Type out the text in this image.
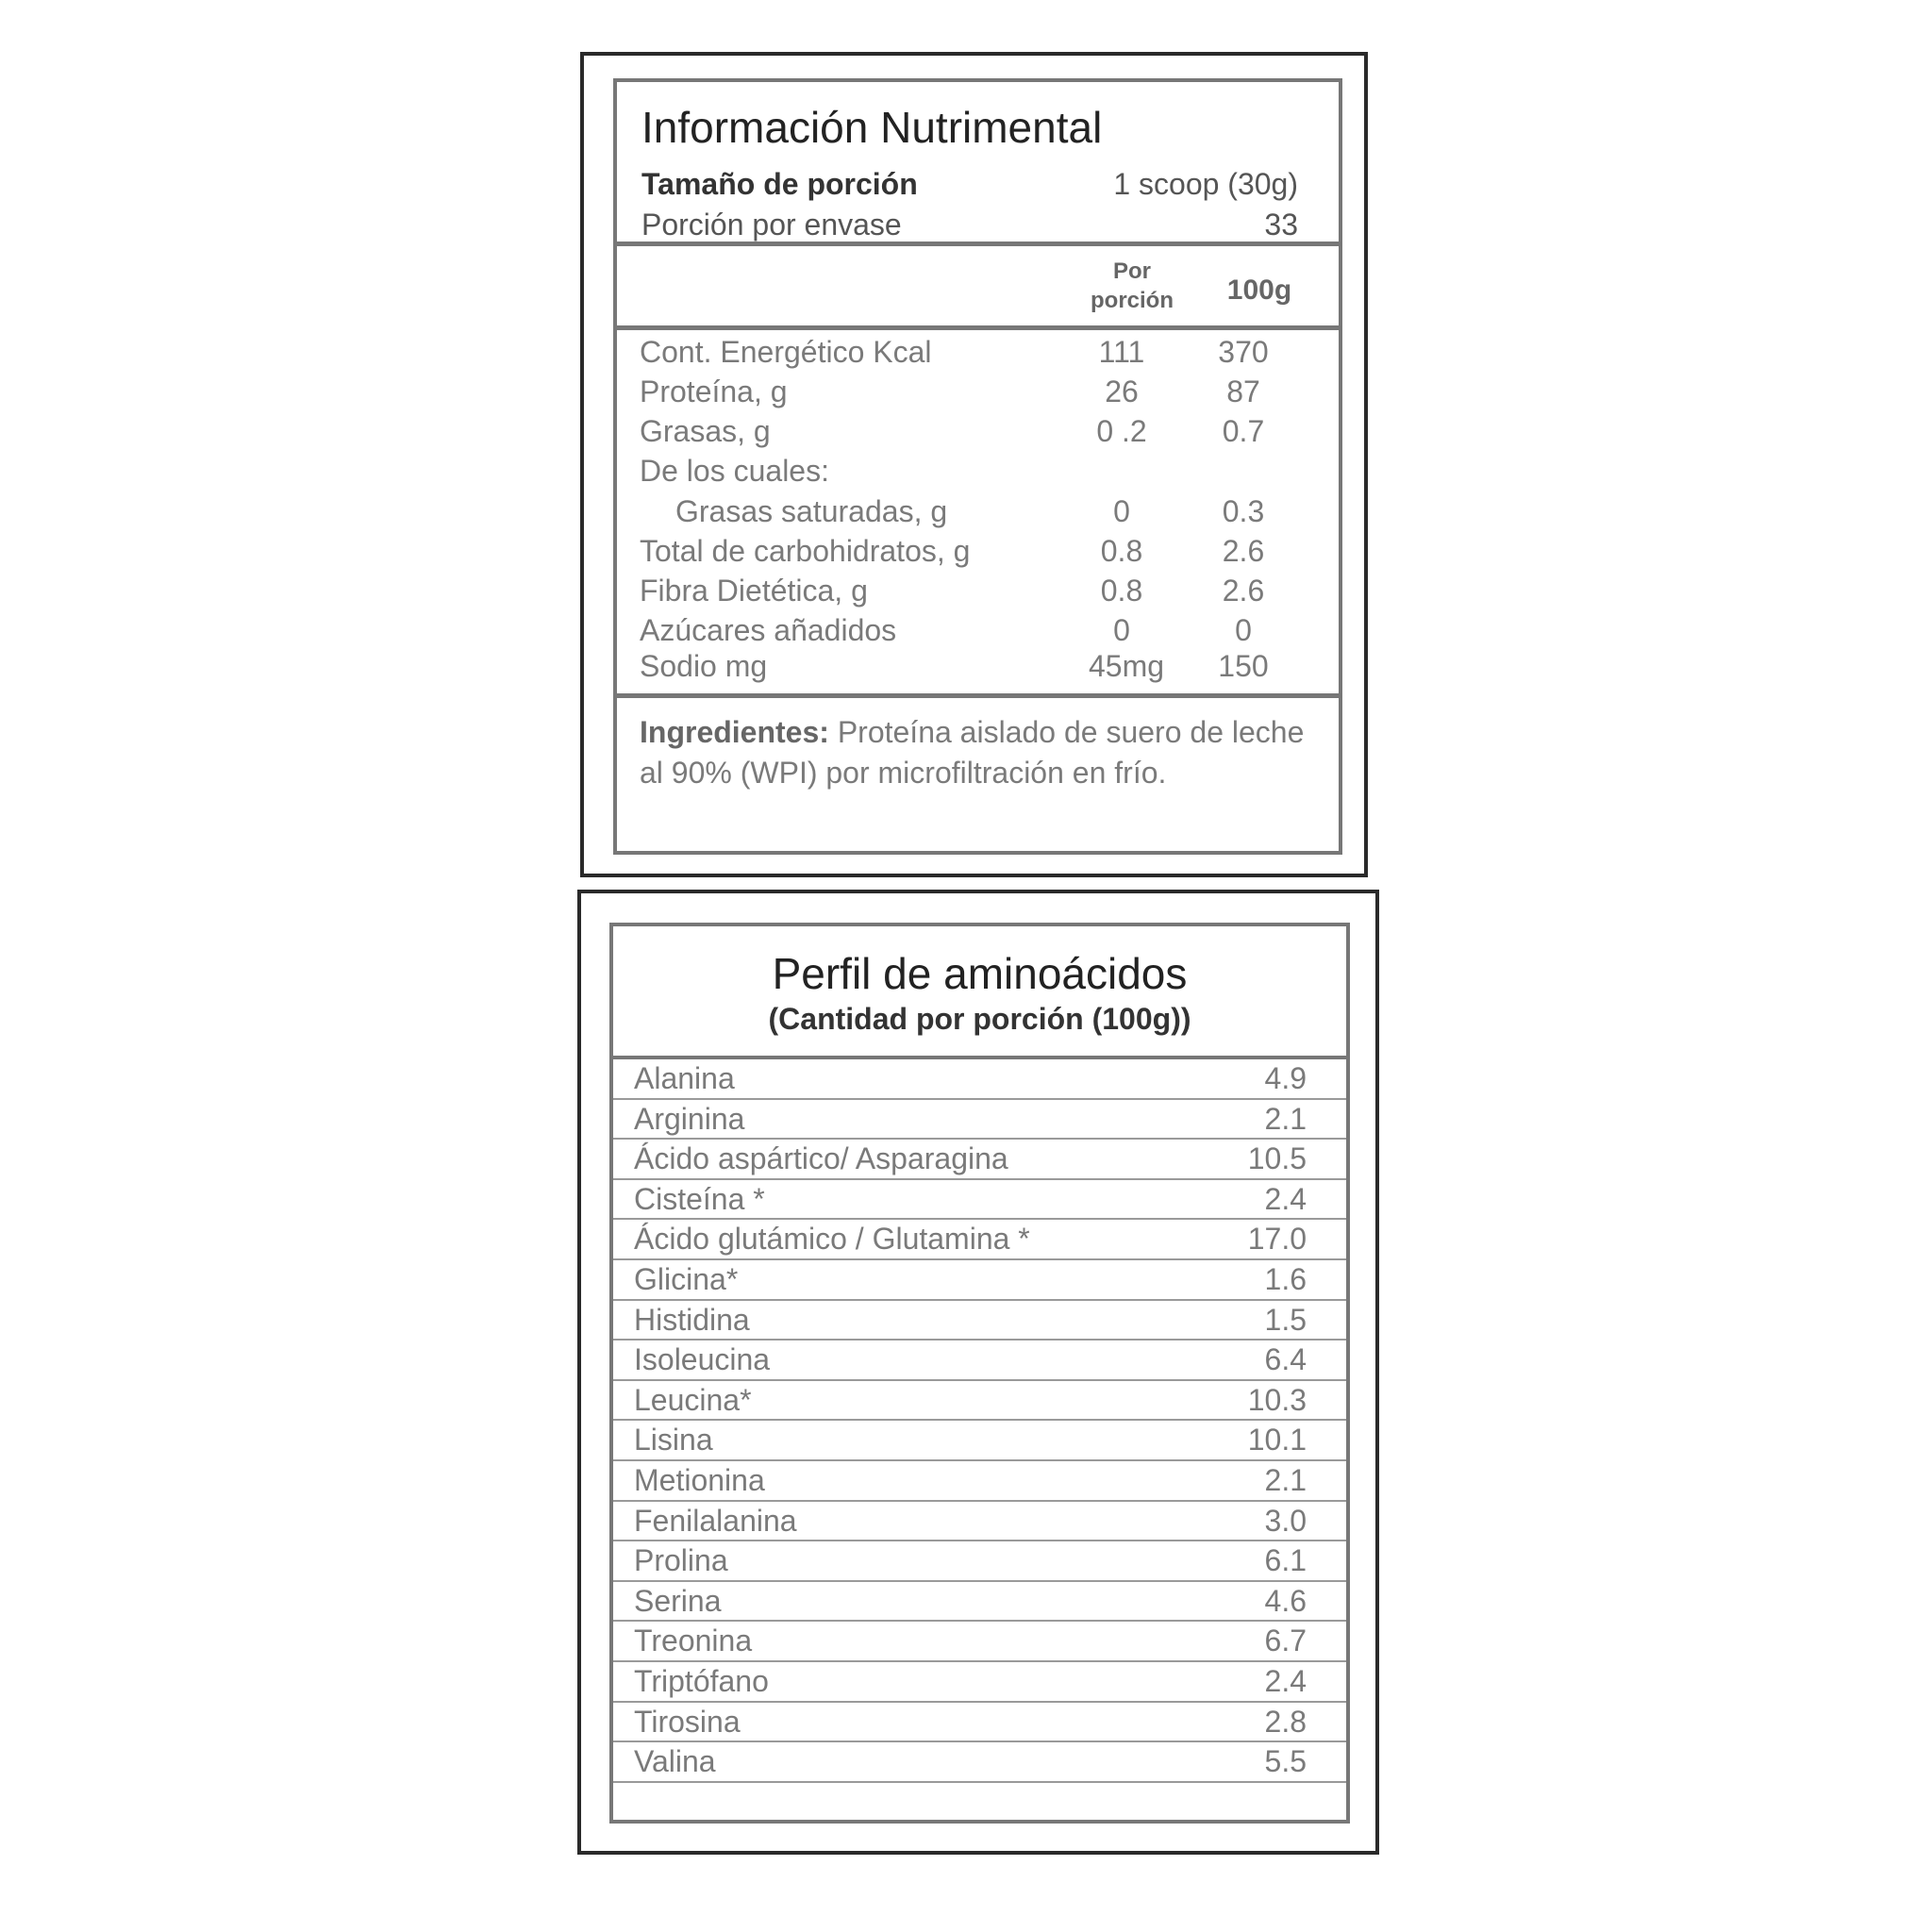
Información Nutrimental
Tamaño de porción	1 scoop (30g)
Porción por envase	33
Por
porción	100g
Cont. Energético Kcal	111	370
Proteína, g	26	87
Grasas, g	0 .2	0.7
De los cuales:
Grasas saturadas, g	0	0.3
Total de carbohidratos, g	0.8	2.6
Fibra Dietética, g	0.8	2.6
Azúcares añadidos	0	0
Sodio mg	45mg	150
Ingredientes: Proteína aislado de suero de leche al 90% (WPI) por microfiltración en frío.
Perfil de aminoácidos
(Cantidad por porción (100g))
Alanina	4.9
Arginina	2.1
Ácido aspártico/ Asparagina	10.5
Cisteína *	2.4
Ácido glutámico / Glutamina *	17.0
Glicina*	1.6
Histidina	1.5
Isoleucina	6.4
Leucina*	10.3
Lisina	10.1
Metionina	2.1
Fenilalanina	3.0
Prolina	6.1
Serina	4.6
Treonina	6.7
Triptófano	2.4
Tirosina	2.8
Valina	5.5
